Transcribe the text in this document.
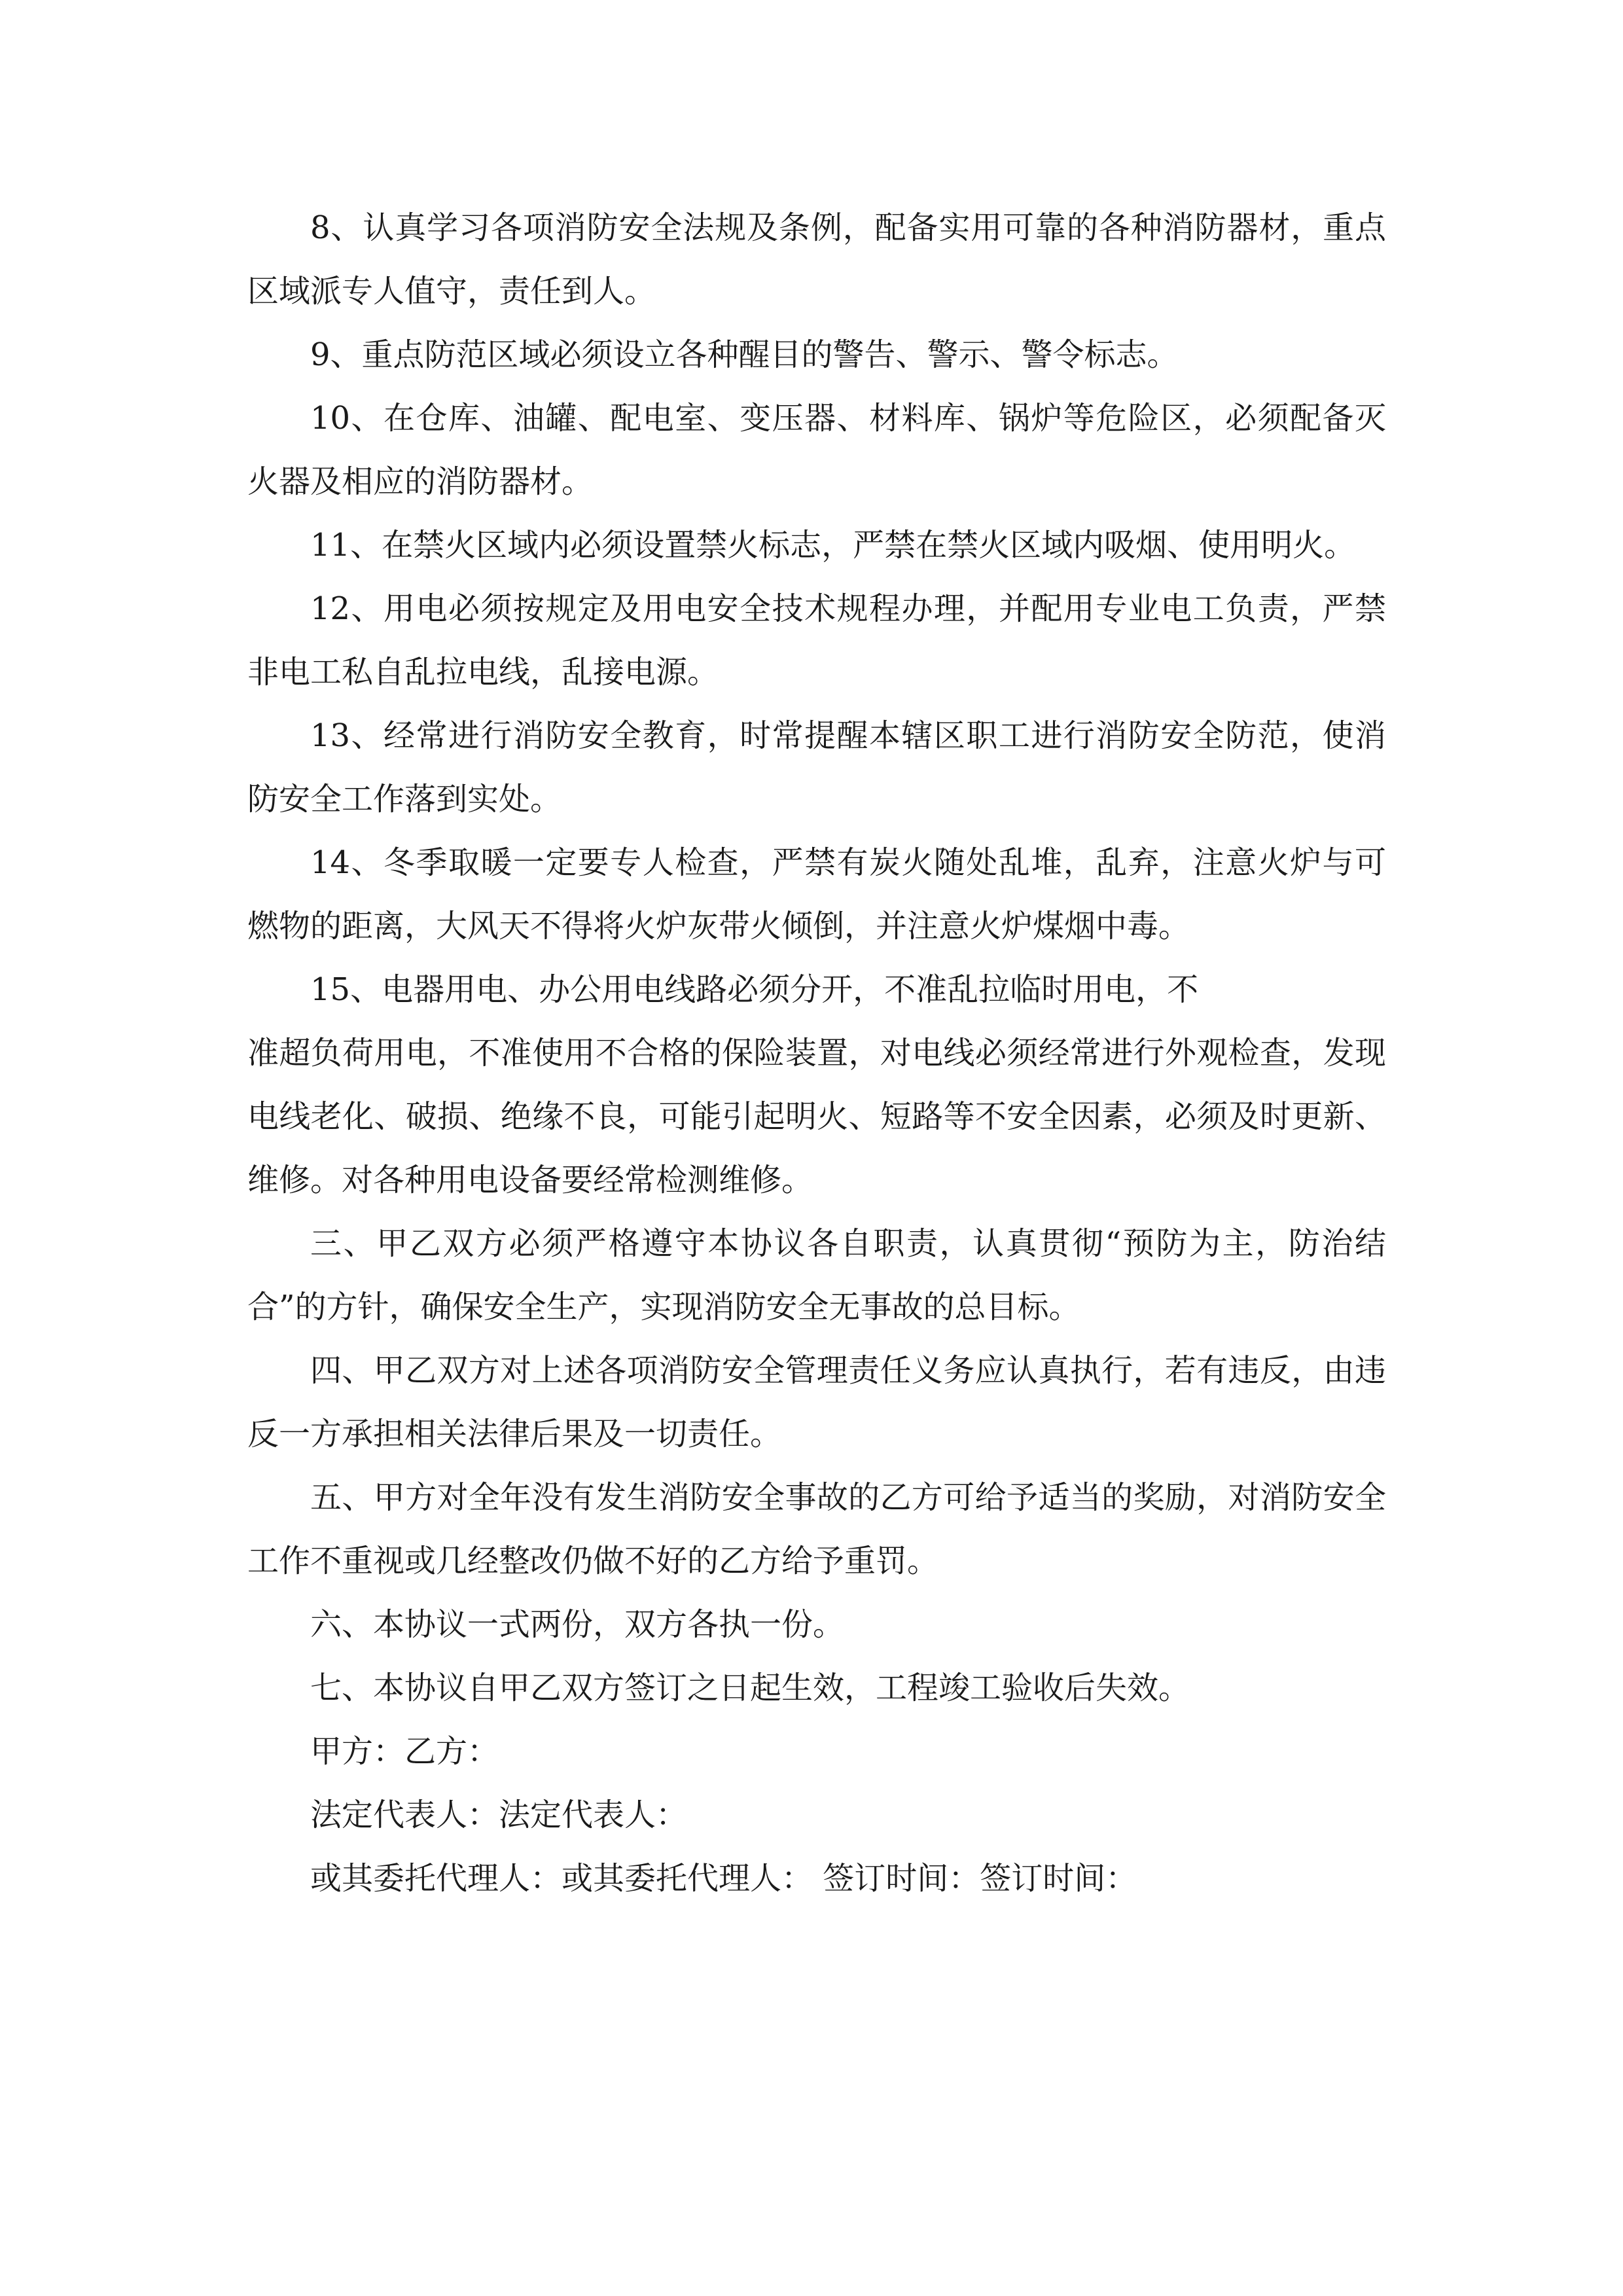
8、认真学习各项消防安全法规及条例，配备实用可靠的各种消防器材，重点区域派专人值守，责任到人。

9、重点防范区域必须设立各种醒目的警告、警示、警令标志。

10、在仓库、油罐、配电室、变压器、材料库、锅炉等危险区，必须配备灭火器及相应的消防器材。

11、在禁火区域内必须设置禁火标志，严禁在禁火区域内吸烟、使用明火。

12、用电必须按规定及用电安全技术规程办理，并配用专业电工负责，严禁非电工私自乱拉电线，乱接电源。

13、经常进行消防安全教育，时常提醒本辖区职工进行消防安全防范，使消防安全工作落到实处。

14、冬季取暖一定要专人检查，严禁有炭火随处乱堆，乱弃，注意火炉与可燃物的距离，大风天不得将火炉灰带火倾倒，并注意火炉煤烟中毒。

15、电器用电、办公用电线路必须分开，不准乱拉临时用电，不

准超负荷用电，不准使用不合格的保险装置，对电线必须经常进行外观检查，发现电线老化、破损、绝缘不良，可能引起明火、短路等不安全因素，必须及时更新、维修。对各种用电设备要经常检测维修。

三、甲乙双方必须严格遵守本协议各自职责，认真贯彻“预防为主，防治结合”的方针，确保安全生产，实现消防安全无事故的总目标。

四、甲乙双方对上述各项消防安全管理责任义务应认真执行，若有违反，由违反一方承担相关法律后果及一切责任。

五、甲方对全年没有发生消防安全事故的乙方可给予适当的奖励，对消防安全工作不重视或几经整改仍做不好的乙方给予重罚。

六、本协议一式两份，双方各执一份。

七、本协议自甲乙双方签订之日起生效，工程竣工验收后失效。

甲方：乙方：

法定代表人：法定代表人：

或其委托代理人：或其委托代理人： 签订时间：签订时间：
